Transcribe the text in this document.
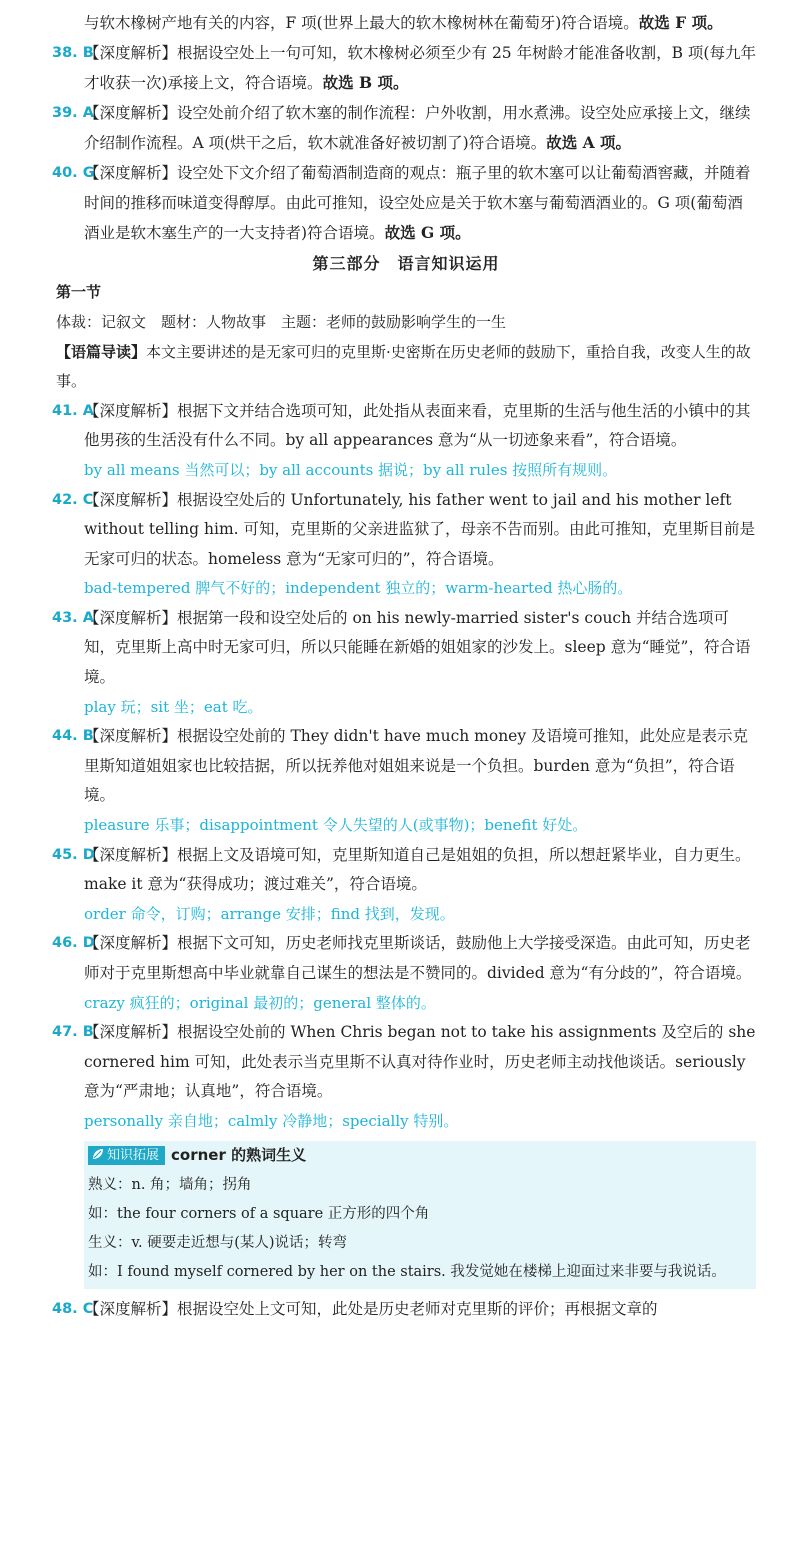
与软木橡树产地有关的内容，F 项(世界上最大的软木橡树林在葡萄牙)符合语境。故选 F 项。

38. B

【深度解析】根据设空处上一句可知，软木橡树必须至少有 25 年树龄才能准备收割，B 项(每九年才收获一次)承接上文，符合语境。故选 B 项。

39. A

【深度解析】设空处前介绍了软木塞的制作流程：户外收割，用水煮沸。设空处应承接上文，继续介绍制作流程。A 项(烘干之后，软木就准备好被切割了)符合语境。故选 A 项。

40. G

【深度解析】设空处下文介绍了葡萄酒制造商的观点：瓶子里的软木塞可以让葡萄酒窖藏，并随着时间的推移而味道变得醇厚。由此可推知，设空处应是关于软木塞与葡萄酒酒业的。G 项(葡萄酒酒业是软木塞生产的一大支持者)符合语境。故选 G 项。

第三部分　语言知识运用

第一节

体裁：记叙文　题材：人物故事　主题：老师的鼓励影响学生的一生

【语篇导读】本文主要讲述的是无家可归的克里斯·史密斯在历史老师的鼓励下，重拾自我，改变人生的故事。

41. A

【深度解析】根据下文并结合选项可知，此处指从表面来看，克里斯的生活与他生活的小镇中的其他男孩的生活没有什么不同。by all appearances 意为“从一切迹象来看”，符合语境。

by all means 当然可以；by all accounts 据说；by all rules 按照所有规则。

42. C

【深度解析】根据设空处后的 Unfortunately, his father went to jail and his mother left without telling him. 可知，克里斯的父亲进监狱了，母亲不告而别。由此可推知，克里斯目前是无家可归的状态。homeless 意为“无家可归的”，符合语境。

bad-tempered 脾气不好的；independent 独立的；warm-hearted 热心肠的。

43. A

【深度解析】根据第一段和设空处后的 on his newly-married sister's couch 并结合选项可知，克里斯上高中时无家可归，所以只能睡在新婚的姐姐家的沙发上。sleep 意为“睡觉”，符合语境。

play 玩；sit 坐；eat 吃。

44. B

【深度解析】根据设空处前的 They didn't have much money 及语境可推知，此处应是表示克里斯知道姐姐家也比较拮据，所以抚养他对姐姐来说是一个负担。burden 意为“负担”，符合语境。

pleasure 乐事；disappointment 令人失望的人(或事物)；benefit 好处。

45. D

【深度解析】根据上文及语境可知，克里斯知道自己是姐姐的负担，所以想赶紧毕业，自力更生。make it 意为“获得成功；渡过难关”，符合语境。

order 命令，订购；arrange 安排；find 找到，发现。

46. D

【深度解析】根据下文可知，历史老师找克里斯谈话，鼓励他上大学接受深造。由此可知，历史老师对于克里斯想高中毕业就靠自己谋生的想法是不赞同的。divided 意为“有分歧的”，符合语境。

crazy 疯狂的；original 最初的；general 整体的。

47. B

【深度解析】根据设空处前的 When Chris began not to take his assignments 及空后的 she cornered him 可知，此处表示当克里斯不认真对待作业时，历史老师主动找他谈话。seriously 意为“严肃地；认真地”，符合语境。

personally 亲自地；calmly 冷静地；specially 特别。

知识拓展 corner 的熟词生义

熟义：n. 角；墙角；拐角

如：the four corners of a square 正方形的四个角

生义：v. 硬要走近想与(某人)说话；转弯

如：I found myself cornered by her on the stairs. 我发觉她在楼梯上迎面过来非要与我说话。

48. C

【深度解析】根据设空处上文可知，此处是历史老师对克里斯的评价；再根据文章的
